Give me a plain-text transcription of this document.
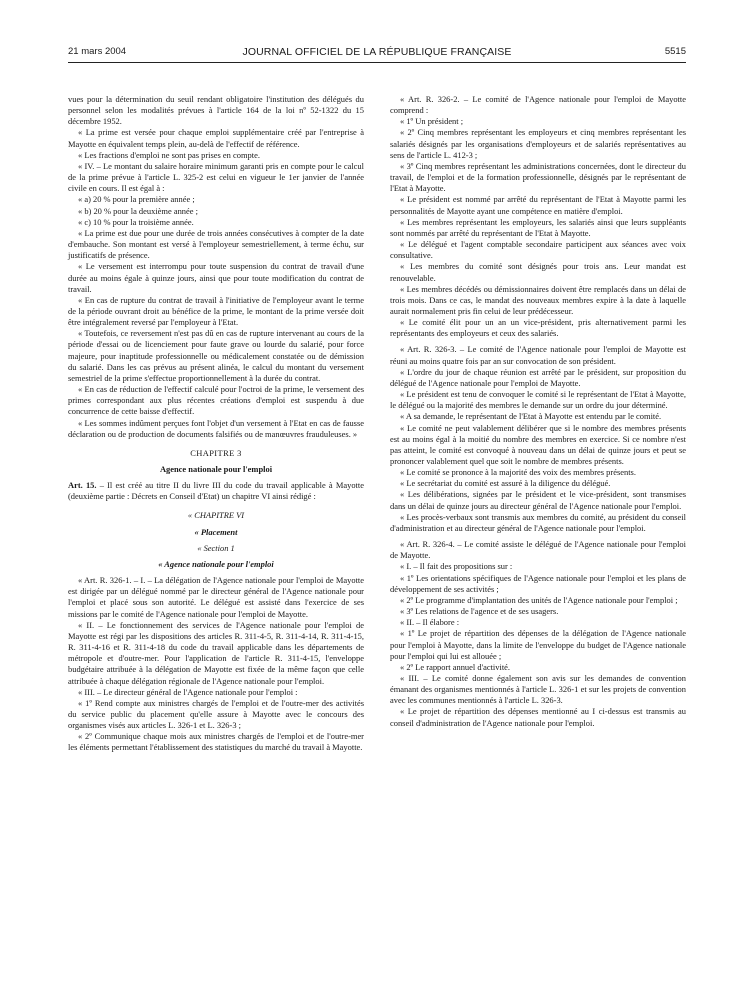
21 mars 2004	JOURNAL OFFICIEL DE LA RÉPUBLIQUE FRANÇAISE	5515

vues pour la détermination du seuil rendant obligatoire l'institution des délégués du personnel selon les modalités prévues à l'article 164 de la loi nº 52-1322 du 15 décembre 1952.

« La prime est versée pour chaque emploi supplémentaire créé par l'entreprise à Mayotte en équivalent temps plein, au-delà de l'effectif de référence.

« Les fractions d'emploi ne sont pas prises en compte.

« IV. – Le montant du salaire horaire minimum garanti pris en compte pour le calcul de la prime prévue à l'article L. 325-2 est celui en vigueur le 1er janvier de l'année civile en cours. Il est égal à :

« a) 20 % pour la première année ;

« b) 20 % pour la deuxième année ;

« c) 10 % pour la troisième année.

« La prime est due pour une durée de trois années consécutives à compter de la date d'embauche. Son montant est versé à l'employeur semestriellement, à terme échu, sur justificatifs de présence.

« Le versement est interrompu pour toute suspension du contrat de travail d'une durée au moins égale à quinze jours, ainsi que pour toute modification du contrat de travail.

« En cas de rupture du contrat de travail à l'initiative de l'employeur avant le terme de la période ouvrant droit au bénéfice de la prime, le montant de la prime versée doit être intégralement reversé par l'employeur à l'Etat.

« Toutefois, ce reversement n'est pas dû en cas de rupture intervenant au cours de la période d'essai ou de licenciement pour faute grave ou lourde du salarié, pour force majeure, pour inaptitude professionnelle ou médicalement constatée ou de démission du salarié. Dans les cas prévus au présent alinéa, le calcul du montant du versement semestriel de la prime s'effectue proportionnellement à la durée du contrat.

« En cas de réduction de l'effectif calculé pour l'octroi de la prime, le versement des primes correspondant aux plus récentes créations d'emploi est suspendu à due concurrence de cette baisse d'effectif.

« Les sommes indûment perçues font l'objet d'un versement à l'Etat en cas de fausse déclaration ou de production de documents falsifiés ou de manœuvres frauduleuses. »

CHAPITRE 3

Agence nationale pour l'emploi

Art. 15. – Il est créé au titre II du livre III du code du travail applicable à Mayotte (deuxième partie : Décrets en Conseil d'Etat) un chapitre VI ainsi rédigé :

« CHAPITRE VI

« Placement

« Section 1

« Agence nationale pour l'emploi

« Art. R. 326-1. – I. – La délégation de l'Agence nationale pour l'emploi de Mayotte est dirigée par un délégué nommé par le directeur général de l'Agence nationale pour l'emploi et placé sous son autorité. Le délégué est assisté dans l'exercice de ses missions par le comité de l'Agence nationale pour l'emploi de Mayotte.

« II. – Le fonctionnement des services de l'Agence nationale pour l'emploi de Mayotte est régi par les dispositions des articles R. 311-4-5, R. 311-4-14, R. 311-4-15, R. 311-4-16 et R. 311-4-18 du code du travail applicable dans les départements de métropole et d'outre-mer. Pour l'application de l'article R. 311-4-15, l'enveloppe budgétaire attribuée à la délégation de Mayotte est fixée de la même façon que celle attribuée à chaque délégation régionale de l'Agence nationale pour l'emploi.

« III. – Le directeur général de l'Agence nationale pour l'emploi :

« 1º Rend compte aux ministres chargés de l'emploi et de l'outre-mer des activités du service public du placement qu'elle assure à Mayotte avec le concours des organismes visés aux articles L. 326-1 et L. 326-3 ;

« 2º Communique chaque mois aux ministres chargés de l'emploi et de l'outre-mer les éléments permettant l'établissement des statistiques du marché du travail à Mayotte.

« Art. R. 326-2. – Le comité de l'Agence nationale pour l'emploi de Mayotte comprend :

« 1º Un président ;

« 2º Cinq membres représentant les employeurs et cinq membres représentant les salariés désignés par les organisations d'employeurs et de salariés représentatives au sens de l'article L. 412-3 ;

« 3º Cinq membres représentant les administrations concernées, dont le directeur du travail, de l'emploi et de la formation professionnelle, désignés par le représentant de l'Etat à Mayotte.

« Le président est nommé par arrêté du représentant de l'Etat à Mayotte parmi les personnalités de Mayotte ayant une compétence en matière d'emploi.

« Les membres représentant les employeurs, les salariés ainsi que leurs suppléants sont nommés par arrêté du représentant de l'Etat à Mayotte.

« Le délégué et l'agent comptable secondaire participent aux séances avec voix consultative.

« Les membres du comité sont désignés pour trois ans. Leur mandat est renouvelable.

« Les membres décédés ou démissionnaires doivent être remplacés dans un délai de trois mois. Dans ce cas, le mandat des nouveaux membres expire à la date à laquelle aurait normalement pris fin celui de leur prédécesseur.

« Le comité élit pour un an un vice-président, pris alternativement parmi les représentants des employeurs et ceux des salariés.

« Art. R. 326-3. – Le comité de l'Agence nationale pour l'emploi de Mayotte est réuni au moins quatre fois par an sur convocation de son président.

« L'ordre du jour de chaque réunion est arrêté par le président, sur proposition du délégué de l'Agence nationale pour l'emploi de Mayotte.

« Le président est tenu de convoquer le comité si le représentant de l'Etat à Mayotte, le délégué ou la majorité des membres le demande sur un ordre du jour déterminé.

« A sa demande, le représentant de l'Etat à Mayotte est entendu par le comité.

« Le comité ne peut valablement délibérer que si le nombre des membres présents est au moins égal à la moitié du nombre des membres en exercice. Si ce nombre n'est pas atteint, le comité est convoqué à nouveau dans un délai de quinze jours et peut se prononcer valablement quel que soit le nombre de membres présents.

« Le comité se prononce à la majorité des voix des membres présents.

« Le secrétariat du comité est assuré à la diligence du délégué.

« Les délibérations, signées par le président et le vice-président, sont transmises dans un délai de quinze jours au directeur général de l'Agence nationale pour l'emploi.

« Les procès-verbaux sont transmis aux membres du comité, au président du conseil d'administration et au directeur général de l'Agence nationale pour l'emploi.

« Art. R. 326-4. – Le comité assiste le délégué de l'Agence nationale pour l'emploi de Mayotte.

« I. – Il fait des propositions sur :

« 1º Les orientations spécifiques de l'Agence nationale pour l'emploi et les plans de développement de ses activités ;

« 2º Le programme d'implantation des unités de l'Agence nationale pour l'emploi ;

« 3º Les relations de l'agence et de ses usagers.

« II. – Il élabore :

« 1º Le projet de répartition des dépenses de la délégation de l'Agence nationale pour l'emploi à Mayotte, dans la limite de l'enveloppe du budget de l'Agence nationale pour l'emploi qui lui est allouée ;

« 2º Le rapport annuel d'activité.

« III. – Le comité donne également son avis sur les demandes de convention émanant des organismes mentionnés à l'article L. 326-1 et sur les projets de convention avec les communes mentionnés à l'article L. 326-3.

« Le projet de répartition des dépenses mentionné au I ci-dessus est transmis au conseil d'administration de l'Agence nationale pour l'emploi.
